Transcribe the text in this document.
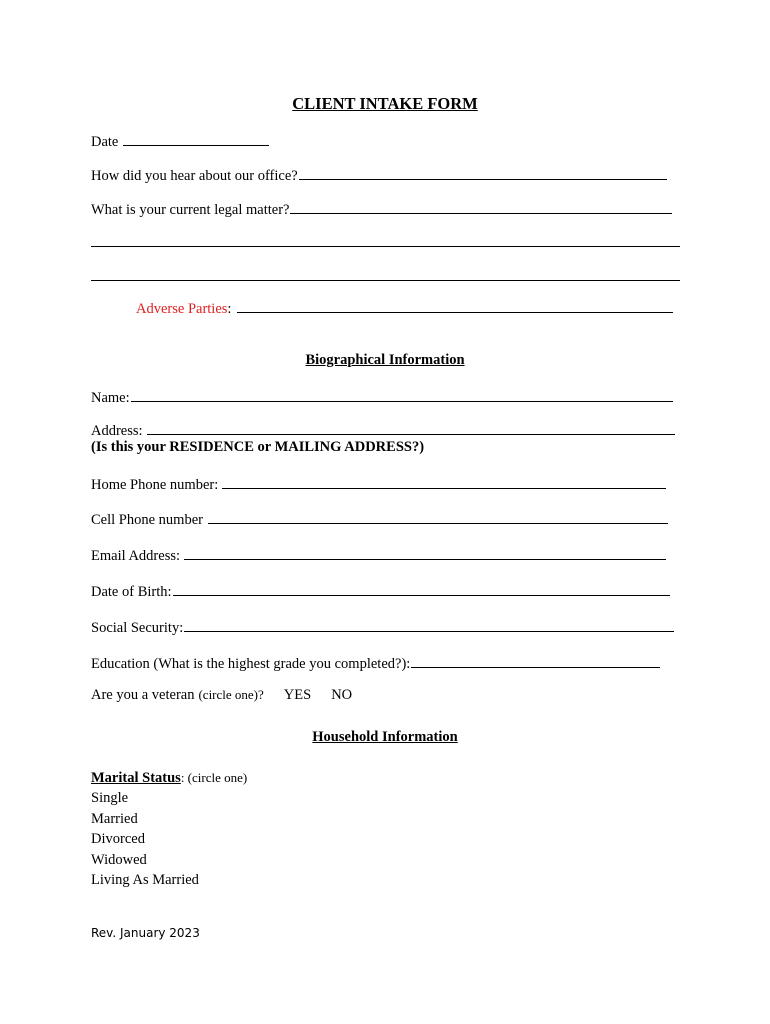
CLIENT INTAKE FORM
Date
How did you hear about our office?
What is your current legal matter?
Adverse Parties :
Biographical Information
Name:
Address:
(Is this your RESIDENCE or MAILING ADDRESS?)
Home Phone number:
Cell Phone number
Email Address:
Date of Birth:
Social Security:
Education (What is the highest grade you completed?):
Are you a veteran (circle one)? YES NO
Household Information
Marital Status : (circle one)
Single
Married
Divorced
Widowed
Living As Married
Rev. January 2023
